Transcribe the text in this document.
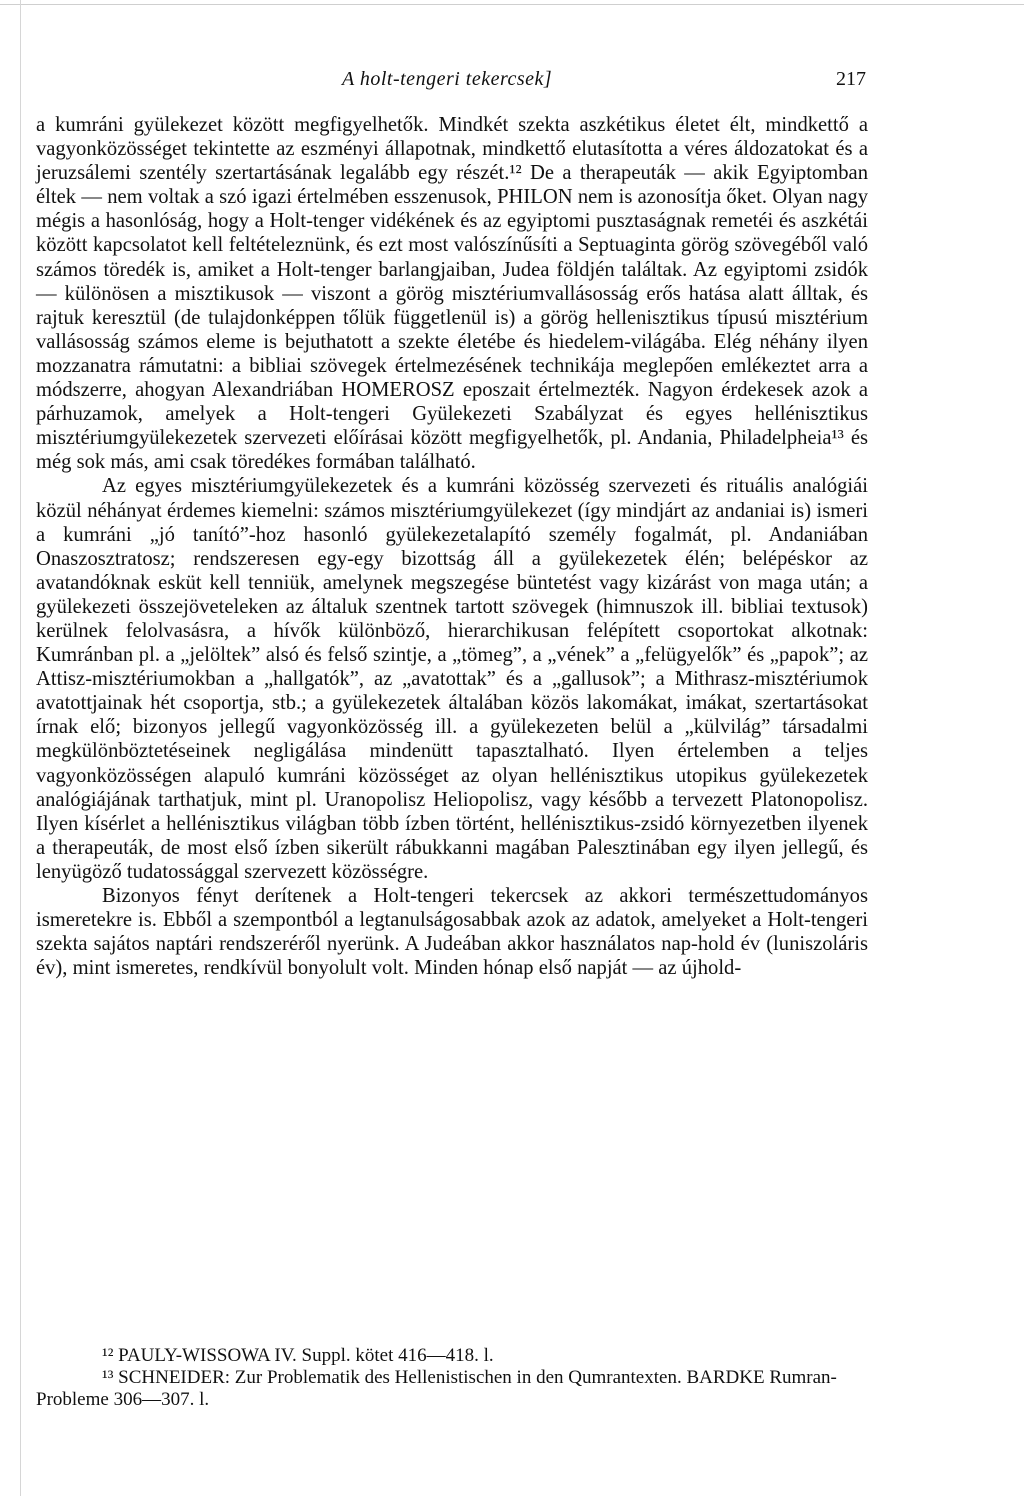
A holt-tengeri tekercsek]	217

a kumráni gyülekezet között megfigyelhetők. Mindkét szekta aszkétikus életet élt, mindkettő a vagyonközösséget tekintette az eszményi állapotnak, mindkettő elutasította a véres áldozatokat és a jeruzsálemi szentély szertartásának legalább egy részét.¹² De a therapeuták — akik Egyiptomban éltek — nem voltak a szó igazi értelmében esszenusok, PHILON nem is azonosítja őket. Olyan nagy mégis a hasonlóság, hogy a Holt-tenger vidékének és az egyiptomi pusztaságnak remetéi és aszkétái között kapcsolatot kell feltételeznünk, és ezt most valószínűsíti a Septuaginta görög szövegéből való számos töredék is, amiket a Holt-tenger barlangjaiban, Judea földjén találtak. Az egyiptomi zsidók — különösen a misztikusok — viszont a görög misztériumvallásosság erős hatása alatt álltak, és rajtuk keresztül (de tulajdonképpen tőlük függetlenül is) a görög hellenisztikus típusú misztérium vallásosság számos eleme is bejuthatott a szekte életébe és hiedelem-világába. Elég néhány ilyen mozzanatra rámutatni: a bibliai szövegek értelmezésének technikája meglepően emlékeztet arra a módszerre, ahogyan Alexandriában HOMEROSZ eposzait értelmezték. Nagyon érdekesek azok a párhuzamok, amelyek a Holt-tengeri Gyülekezeti Szabályzat és egyes hellénisztikus misztériumgyülekezetek szervezeti előírásai között megfigyelhetők, pl. Andania, Philadelpheia¹³ és még sok más, ami csak töredékes formában található.

Az egyes misztériumgyülekezetek és a kumráni közösség szervezeti és rituális analógiái közül néhányat érdemes kiemelni: számos misztériumgyülekezet (így mindjárt az andaniai is) ismeri a kumráni „jó tanító”-hoz hasonló gyülekezetalapító személy fogalmát, pl. Andaniában Onaszosztratosz; rendszeresen egy-egy bizottság áll a gyülekezetek élén; belépéskor az avatandóknak esküt kell tenniük, amelynek megszegése büntetést vagy kizárást von maga után; a gyülekezeti összejöveteleken az általuk szentnek tartott szövegek (himnuszok ill. bibliai textusok) kerülnek felolvasásra, a hívők különböző, hierarchikusan felépített csoportokat alkotnak: Kumránban pl. a „jelöltek” alsó és felső szintje, a „tömeg”, a „vének” a „felügyelők” és „papok”; az Attisz-misztériumokban a „hallgatók”, az „avatottak” és a „gallusok”; a Mithrasz-misztériumok avatottjainak hét csoportja, stb.; a gyülekezetek általában közös lakomákat, imákat, szertartásokat írnak elő; bizonyos jellegű vagyonközösség ill. a gyülekezeten belül a „külvilág” társadalmi megkülönböztetéseinek negligálása mindenütt tapasztalható. Ilyen értelemben a teljes vagyonközösségen alapuló kumráni közösséget az olyan hellénisztikus utopikus gyülekezetek analógiájának tarthatjuk, mint pl. Uranopolisz Heliopolisz, vagy később a tervezett Platonopolisz. Ilyen kísérlet a hellénisztikus világban több ízben történt, hellénisztikus-zsidó környezetben ilyenek a therapeuták, de most első ízben sikerült rábukkanni magában Palesztinában egy ilyen jellegű, és lenyügöző tudatossággal szervezett közösségre.

Bizonyos fényt derítenek a Holt-tengeri tekercsek az akkori természettudományos ismeretekre is. Ebből a szempontból a legtanulságosabbak azok az adatok, amelyeket a Holt-tengeri szekta sajátos naptári rendszeréről nyerünk. A Judeában akkor használatos nap-hold év (luniszoláris év), mint ismeretes, rendkívül bonyolult volt. Minden hónap első napját — az újhold-

¹² PAULY-WISSOWA IV. Suppl. kötet 416—418. l.

¹³ SCHNEIDER: Zur Problematik des Hellenistischen in den Qumrantexten. BARDKE Rumran-Probleme 306—307. l.
